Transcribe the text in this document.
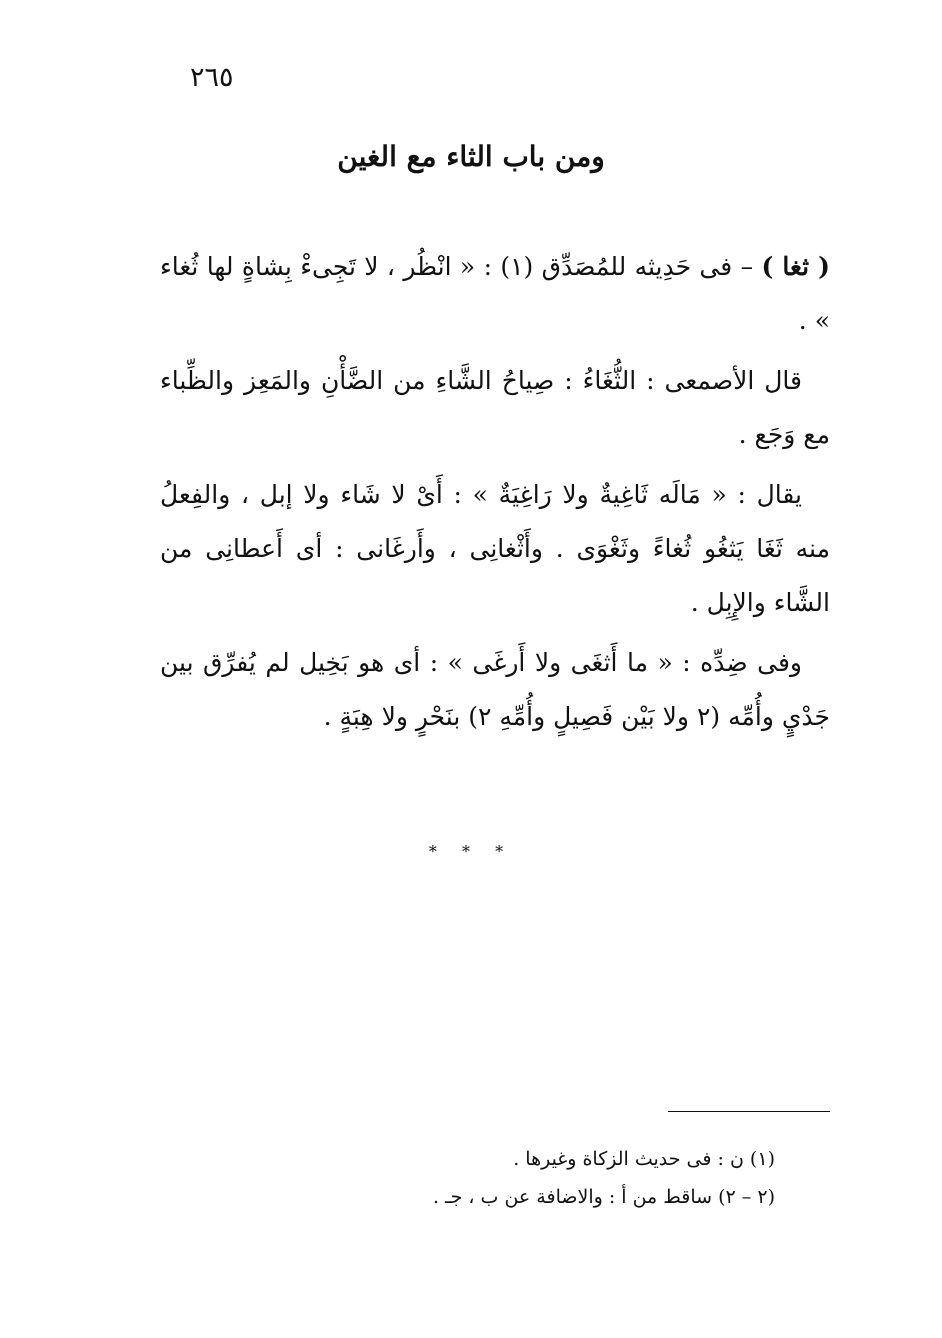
٢٦٥
ومن باب الثاء مع الغين

( ثغا ) – فى حَدِيثه للمُصَدِّق (١) : « انْظُر ، لا تَجِىءْ بِشاةٍ لها ثُغاء » .

قال الأصمعى : الثُّغَاءُ : صِياحُ الشَّاءِ من الضَّأْنِ والمَعِز والظِّباء مع وَجَع .

يقال : « مَالَه ثَاغِيةٌ ولا رَاغِيَةٌ » : أَىْ لا شَاء ولا إبل ، والفِعلُ منه ثَغَا يَثغُو ثُغاءً وثَغْوَى . وأَثْغانِى ، وأَرغَانى : أى أَعطانِى من الشَّاء والإِبِل .

وفى ضِدِّه : « ما أَثغَى ولا أَرغَى » : أى هو بَخِيل لم يُفرِّق بين جَدْيٍ وأُمِّه (٢ ولا بَيْن فَصِيلٍ وأُمِّهِ ٢) بنَحْرٍ ولا هِبَةٍ .

* * *

(١) ن : فى حديث الزكاة وغيرها .

(٢ – ٢) ساقط من أ : والاضافة عن ب ، جـ .
